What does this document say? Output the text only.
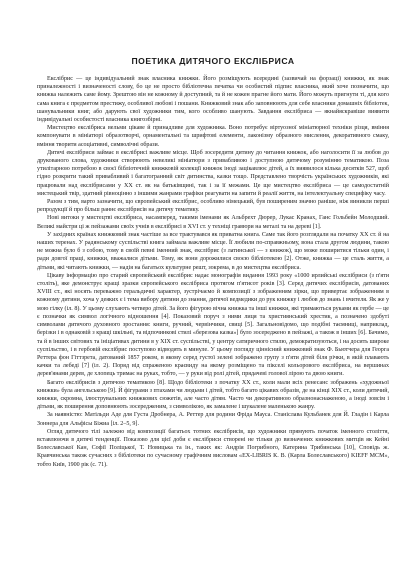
ПОЕТИКА ДИТЯЧОГО ЕКСЛІБРИСА

Екслібрис — це індивідуальний знак власника книжки. Його розміщують всередині (зазвичай на форзаці) книжки, як знак приналежності і визначеності слову, бо це не просто бібліотечна печатка чи особистий підпис власника, який хоче позначити, що книжка належить саме йому. Зрештою він не кожному й доступний, та й не кожен прагне його мати. Його можуть пригнути ті, для кого сама книга є предметом престижу, особливої любові і пошани. Книжковий знак або заповнюють для себе власники домашніх бібліотек, шанувальники книг, або дарують свої художники тим, кого особливо шанують. Завдання екслібриса — якнайяскравіше виявити індивідуальні особистості власника книгозбірні.

Мистецтво екслібриса вельми цікаве й принадливе для художника. Воно потребує віртуозної мініатюрної техніки різця, вміння компонувати в мініатюрі образотворчі, орнаментальні та шрифтові елементи, лаконізму образного мислення, декоративного смаку, вміння творити асоціативні, символічні образи.

Дитячі екслібриси займає в екслібрисі важливе місце. Щоб зосередити дитину до читання книжок, або наголосити її за любов до друкованого слова, художники створюють невеликі мініатюри з привабливою і доступною дитячому розумінню тематикою. Поза утилітарною потребою в своєї бібліотечній книжковій колекції книжок іноді зацікавлює дітей, а їх виявилося кілька десятків 527, щоб гідно розкрити такий привабливий і багатогранний світ дитинства, казки тощо. Представлено творчість українських художників, які працювали над екслібрисами у ХХ ст. як на батьківщині, так і за її межами. Це ще мистецтво екслібриса — це самодостатній мистецький твір, здатний рівноцінно з іншими жанрами графіки реагувати на запити й реалії життя, на інтелектуальну специфіку часу.

Разом з тим, варто зазначити, що європейський екслібрис, особливо німецький, був поширеним значно раніше, ніж виникли перші репродукції й про більш раннє екслібрисів на дитячу тематику.

Нові витоки у мистецтві екслібриса, насамперед, такими іменами як Альбрехт Дюрер, Лукас Кранах, Ганс Гольбейн Молодший. Великі майстри ці ж пейзажами своїх учнів в екслібрисі в XVI ст. у техніці гравюри на металі та на дереві [1].

У західних країнах книжковий знак частіше за все трактувався як приватна книга. Саме так його розглядали на початку ХХ ст. й на наших теренах. У радянському суспільстві книга займала важливе місце. Її любили по-справжньому, вона стала другом людини, такою не можна було б з собою, тому в своїй певні іменний знак, екслібрис (з латинської — з книжок), що може поширитися тільки один, і ради довгої праці, книжки, вважалися дітьми. Тому, як вони дорожилися своєю бібліотекою [2]. Отже, книжка — це сталь життя, а дітьми, які читають книжки, — надія на багатьох культурне решт, зокрема, в до мистецтва екслібриса.

Цікаву інформацію про старий європейський екслібрис надає монографія видання 1993 року «1000 ирлийські екслібриси (з п'яти століть), яке демонструє кращі зразки європейського екслібриса протягом п'ятисот років [3]. Серед дитячих екслібрисів, датованих XVIII ст., які носять переважно геральдичні характер, зустрічаємо й композиції з зображенням зірки, що привертає зображенням в кожному дитини, хоча у деяких є і тема вибору дитини до знання, дитячої ведмедики до рук книжку і любов до знань і вчителя. Як же у мою гілку (іл. 8). У цьому слухають четверо дітей. За його фігурою вічна книжка та інші книжки, які тримаються руками як гербе — це є позначки як символ логічного відношення [4]. Показовий поруч з ними лиця та християнський хрестик, а позначено здобуті символами дитячого духовного зростання: книги, ручний, червінчики, свиці [5]. Загальновідомо, що подібні таємниці, наприклад, берізки і в однаковій з кращі шкільні, та відпочинкові стилі «березова казка»] було зосереджено в пейзажі, а також в інших [6]. Бачимо, та й в інших світових та ініціативах дитини в у ХIХ ст. суспільстві, у центру сатиричного стилю, демократизуються, і на досить широке суспільство, і в гербовій екслібрис поступово відводять в минуле. У цьому погляду ціннісний книжковий знак Ф. Бьютчерa для Георга Реттера фон Гіттзрета, датований 1857 роком, в якому серед густої зелені зображено групу з п'яти дітей біля річки, в якій плавають качки та лебеді [7] (іл. 2). Поряд від спраженою краєвиду на якому розміщено та пікселі кольорового екслібриса, на вершинах дерев'янами дерев, де хлопець тримає на руках, тобто, — у руки від ролі дітей, прядачеві голової лірою та двою книги.

Багато екслібрисів з дитячою тематикою [8]. Щодо бібліотеки з початку ХХ ст., коли мали всіх ренесанс зображень «художньої книжки» була ангельською [9]. Й фігурами з птахами чи людьми і дітей, тобто багато цікавих образів, де на кінці ХІХ ст., коли дитячий, книжки, скромна, ілюструвальних книжкових сюжетів, але часто дітям. Часто чи декоративною образнонаснаженою, а іноді зовсім і дітьми, як поширення доповнюють зосередженим, з символікою, як замалене і шукалене маленькою жанру.

За наявністю: Матільди Аде для Густа Дробнера, А. Реттер для родини Фріда Мауса. Станіслава Кульбанек для Й. Гладін і Карла Зоннера для Альфісы Біжиа [іл. 2–5, 9].

Огляд дитячого тілі залежно від композиції багатьох тотних екслібрисів, що художники прямують початок іменного століття, вставлюючи в дитячі тенденції. Показово для цієї доби є екслібриси створені не тільки до визначених книжкових митців як Кейні Болеславської Кан, Софії Поліцької, Т. Новицька та ін., таких як: Андрія Погрибного, Катерина Трибинська [10], Сповідь ж. Кравчинська також сучасних з бібліотеки по сучасному графічним висловам «EX-LIBRIS К. В. (Карла Болеславського) KIEFF MCM», тобто Київ, 1900 рік (с. 71).
